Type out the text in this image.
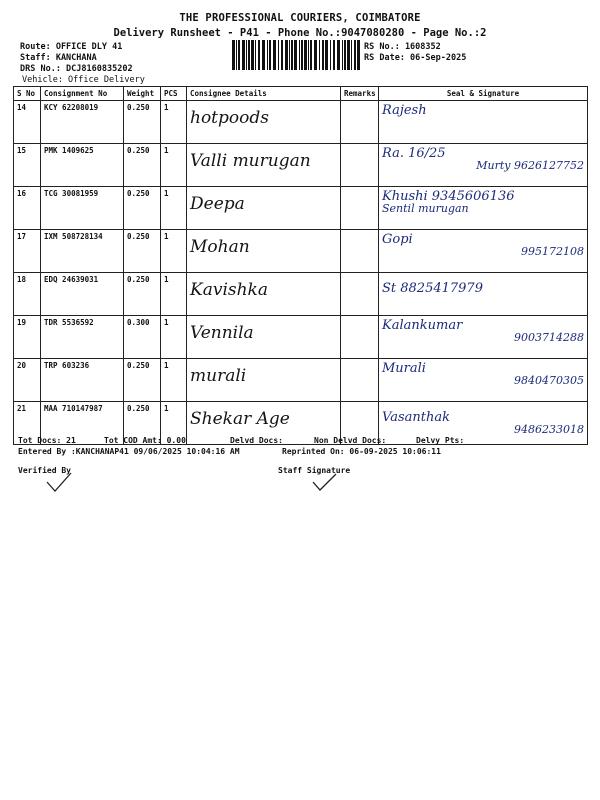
THE PROFESSIONAL COURIERS, COIMBATORE
Delivery Runsheet - P41 - Phone No.:9047080280 - Page No.:2
Route: OFFICE DLY 41
Staff: KANCHANA
DRS No.: DCJ8160835202
Vehicle: Office Delivery
RS No.: 1608352
RS Date: 06-Sep-2025
S No	Consignment No	Weight	PCS	Consignee Details	Remarks	Seal & Signature
14	KCY 62208019	0.250	1	hotpoods		Rajesh

15	PMK 1409625	0.250	1	Valli murugan		Ra. 16/25
Murty 9626127752

16	TCG 30081959	0.250	1	Deepa		Khushi 9345606136
Sentil murugan

17	IXM 508728134	0.250	1	Mohan		Gopi
995172108

18	EDQ 24639031	0.250	1	Kavishka		St 8825417979

19	TDR 5536592	0.300	1	Vennila		Kalankumar
9003714288

20	TRP 603236	0.250	1	murali		Murali
9840470305

21	MAA 710147987	0.250	1	Shekar Age		Vasanthak
9486233018
Tot Docs: 21	Tot COD Amt: 0.00	Delvd Docs:	Non Delvd Docs:	Delvy Pts:
Entered By :KANCHANAP41 09/06/2025 10:04:16 AM	Reprinted On: 06-09-2025 10:06:11
Verified By	Staff Signature
